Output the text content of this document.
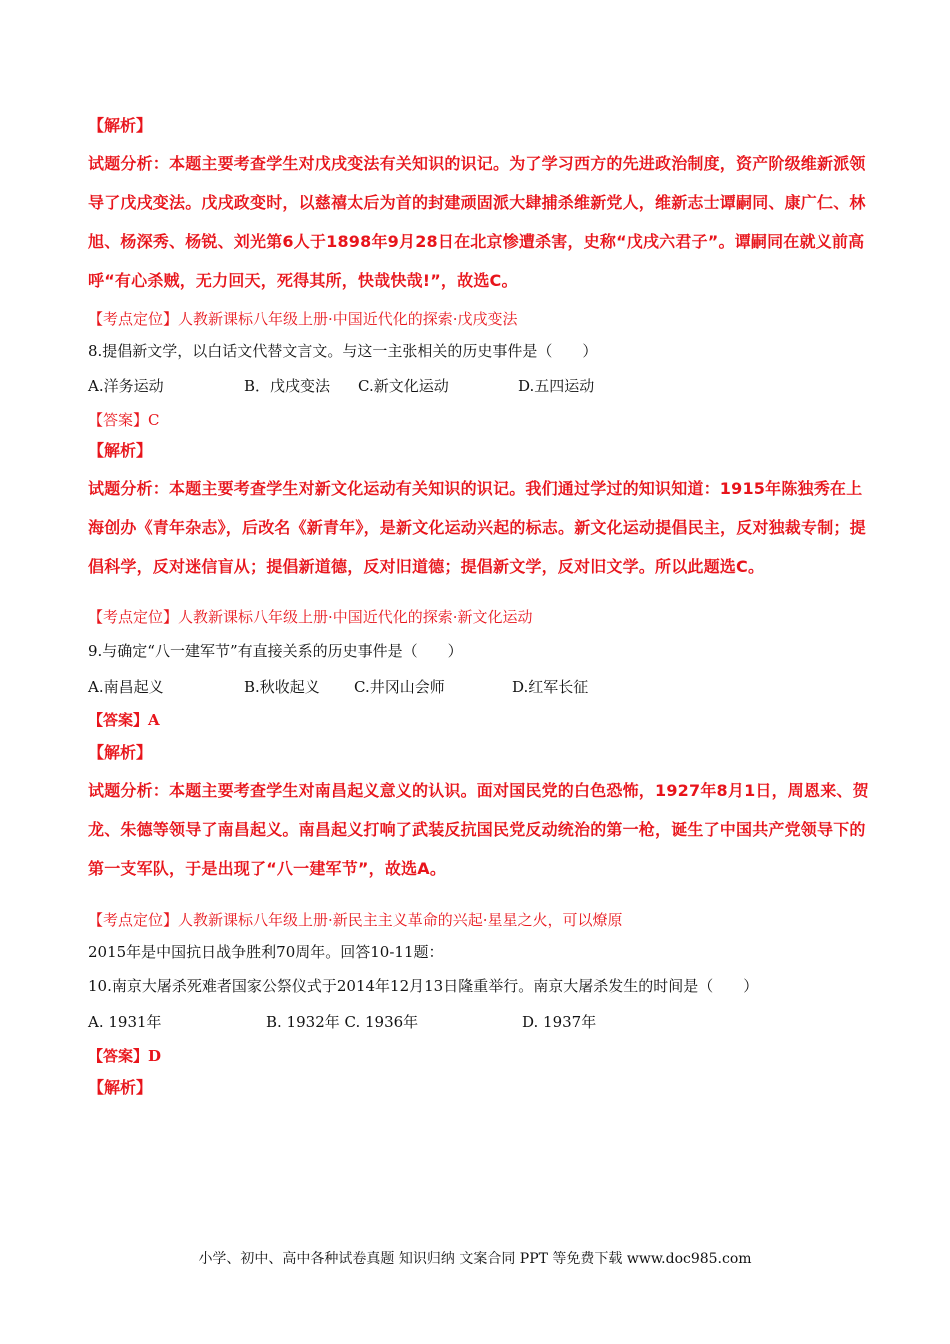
【解析】
试题分析：本题主要考查学生对戊戌变法有关知识的识记。为了学习西方的先进政治制度，资产阶级维新派领导了戊戌变法。戊戌政变时，以慈禧太后为首的封建顽固派大肆捕杀维新党人，维新志士谭嗣同、康广仁、林旭、杨深秀、杨锐、刘光第6人于1898年9月28日在北京惨遭杀害，史称“戊戌六君子”。谭嗣同在就义前高呼“有心杀贼，无力回天，死得其所，快哉快哉!”，故选C。
【考点定位】人教新课标八年级上册·中国近代化的探索·戊戌变法
8.提倡新文学，以白话文代替文言文。与这一主张相关的历史事件是（　　）
A.洋务运动	B．戊戌变法 C.新文化运动	D.五四运动
【答案】C
【解析】
试题分析：本题主要考查学生对新文化运动有关知识的识记。我们通过学过的知识知道：1915年陈独秀在上海创办《青年杂志》，后改名《新青年》，是新文化运动兴起的标志。新文化运动提倡民主，反对独裁专制；提倡科学，反对迷信盲从；提倡新道德，反对旧道德；提倡新文学，反对旧文学。所以此题选C。
【考点定位】人教新课标八年级上册·中国近代化的探索·新文化运动
9.与确定“八一建军节”有直接关系的历史事件是（　　）
A.南昌起义	B.秋收起义 C.井冈山会师	D.红军长征
【答案】A
【解析】
试题分析：本题主要考查学生对南昌起义意义的认识。面对国民党的白色恐怖，1927年8月1日，周恩来、贺龙、朱德等领导了南昌起义。南昌起义打响了武装反抗国民党反动统治的第一枪，诞生了中国共产党领导下的第一支军队，于是出现了“八一建军节”，故选A。
【考点定位】人教新课标八年级上册·新民主主义革命的兴起·星星之火，可以燎原
2015年是中国抗日战争胜利70周年。回答10-11题：
10.南京大屠杀死难者国家公祭仪式于2014年12月13日隆重举行。南京大屠杀发生的时间是（　　）
A. 1931年	B. 1932年 C. 1936年	D. 1937年
【答案】D
【解析】
小学、初中、高中各种试卷真题 知识归纳 文案合同 PPT 等免费下载 www.doc985.com
